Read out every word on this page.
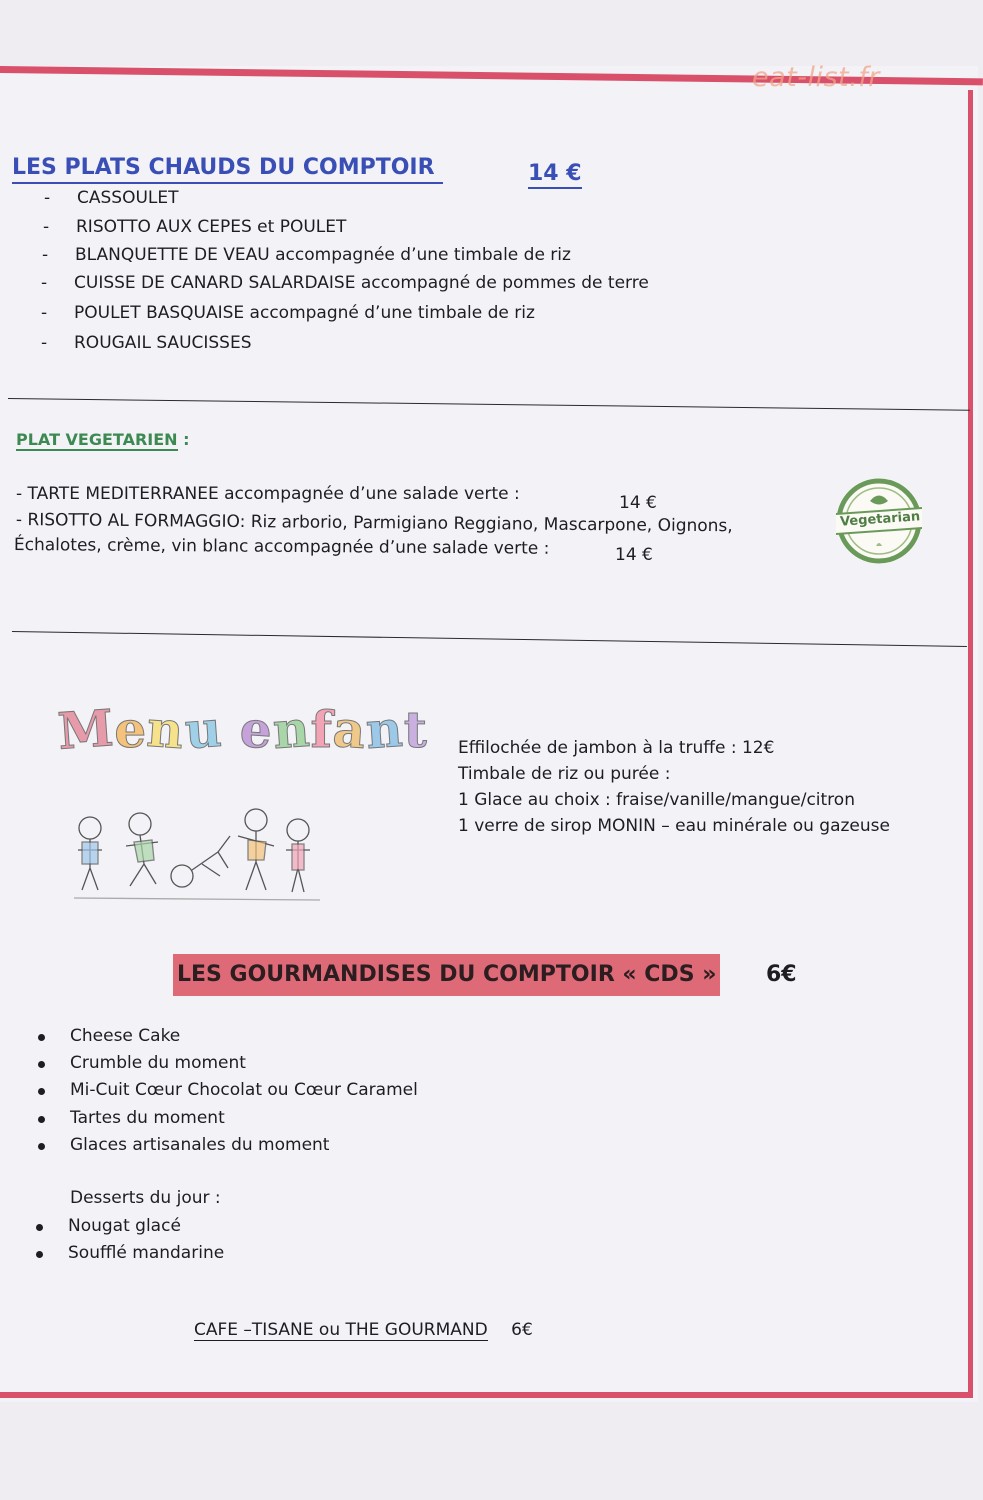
eat-list.fr
LES PLATS CHAUDS DU COMPTOIR	14 €
- CASSOULET
- RISOTTO AUX CEPES et POULET
- BLANQUETTE DE VEAU accompagnée d’une timbale de riz
- CUISSE DE CANARD SALARDAISE accompagné de pommes de terre
- POULET BASQUAISE accompagné d’une timbale de riz
- ROUGAIL SAUCISSES
PLAT VEGETARIEN :
- TARTE MEDITERRANEE accompagnée d’une salade verte :	14 €
- RISOTTO AL FORMAGGIO: Riz arborio, Parmigiano Reggiano, Mascarpone, Oignons,
Échalotes, crème, vin blanc accompagnée d’une salade verte :	14 €
Vegetarian
Menu enfant Effilochée de jambon à la truffe : 12€
Timbale de riz ou purée :
1 Glace au choix : fraise/vanille/mangue/citron
1 verre de sirop MONIN – eau minérale ou gazeuse
LES GOURMANDISES DU COMPTOIR « CDS » 6€
Cheese Cake
Crumble du moment
Mi-Cuit Cœur Chocolat ou Cœur Caramel
Tartes du moment
Glaces artisanales du moment
Desserts du jour :
Nougat glacé
Soufflé mandarine
CAFE –TISANE ou THE GOURMAND 6€
